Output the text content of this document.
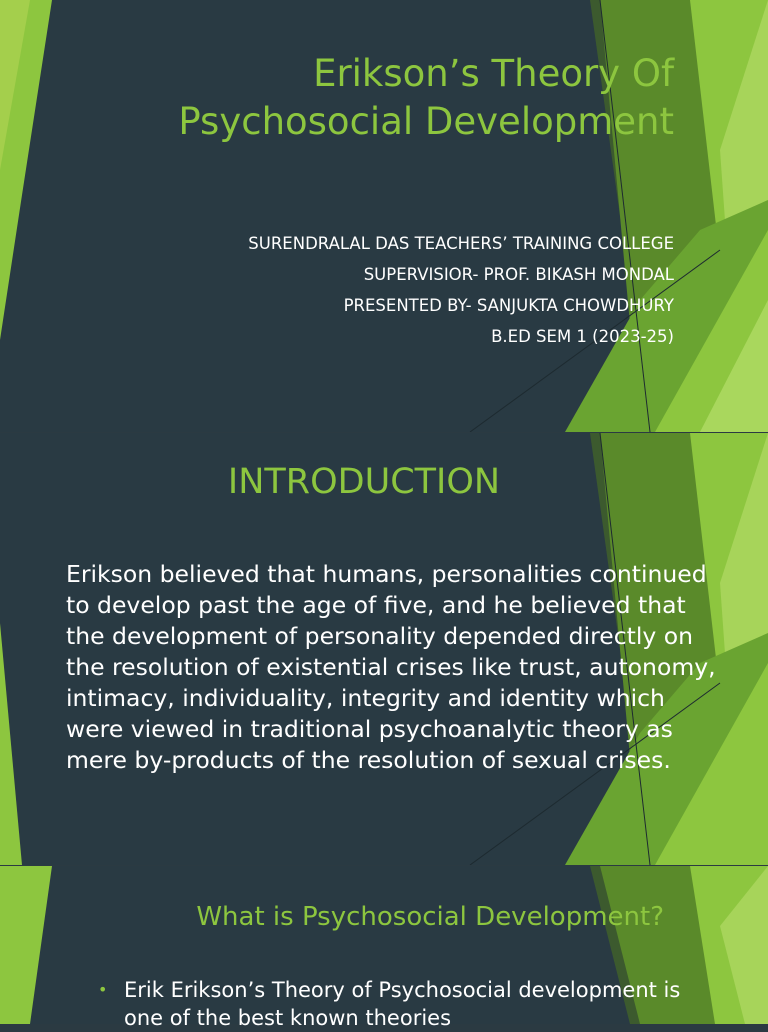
Erikson’s Theory Of
Psychosocial Development
SURENDRALAL DAS TEACHERS’ TRAINING COLLEGE
SUPERVISIOR- PROF. BIKASH MONDAL
PRESENTED BY- SANJUKTA CHOWDHURY
B.ED SEM 1 (2023-25)
INTRODUCTION

Erikson believed that humans, personalities continued to develop past the age of five, and he believed that the development of personality depended directly on the resolution of existential crises like trust, autonomy, intimacy, individuality, integrity and identity which were viewed in traditional psychoanalytic theory as mere by-products of the resolution of sexual crises.

What is Psychosocial Development?
• Erik Erikson’s Theory of Psychosocial development is one of the best known theories
